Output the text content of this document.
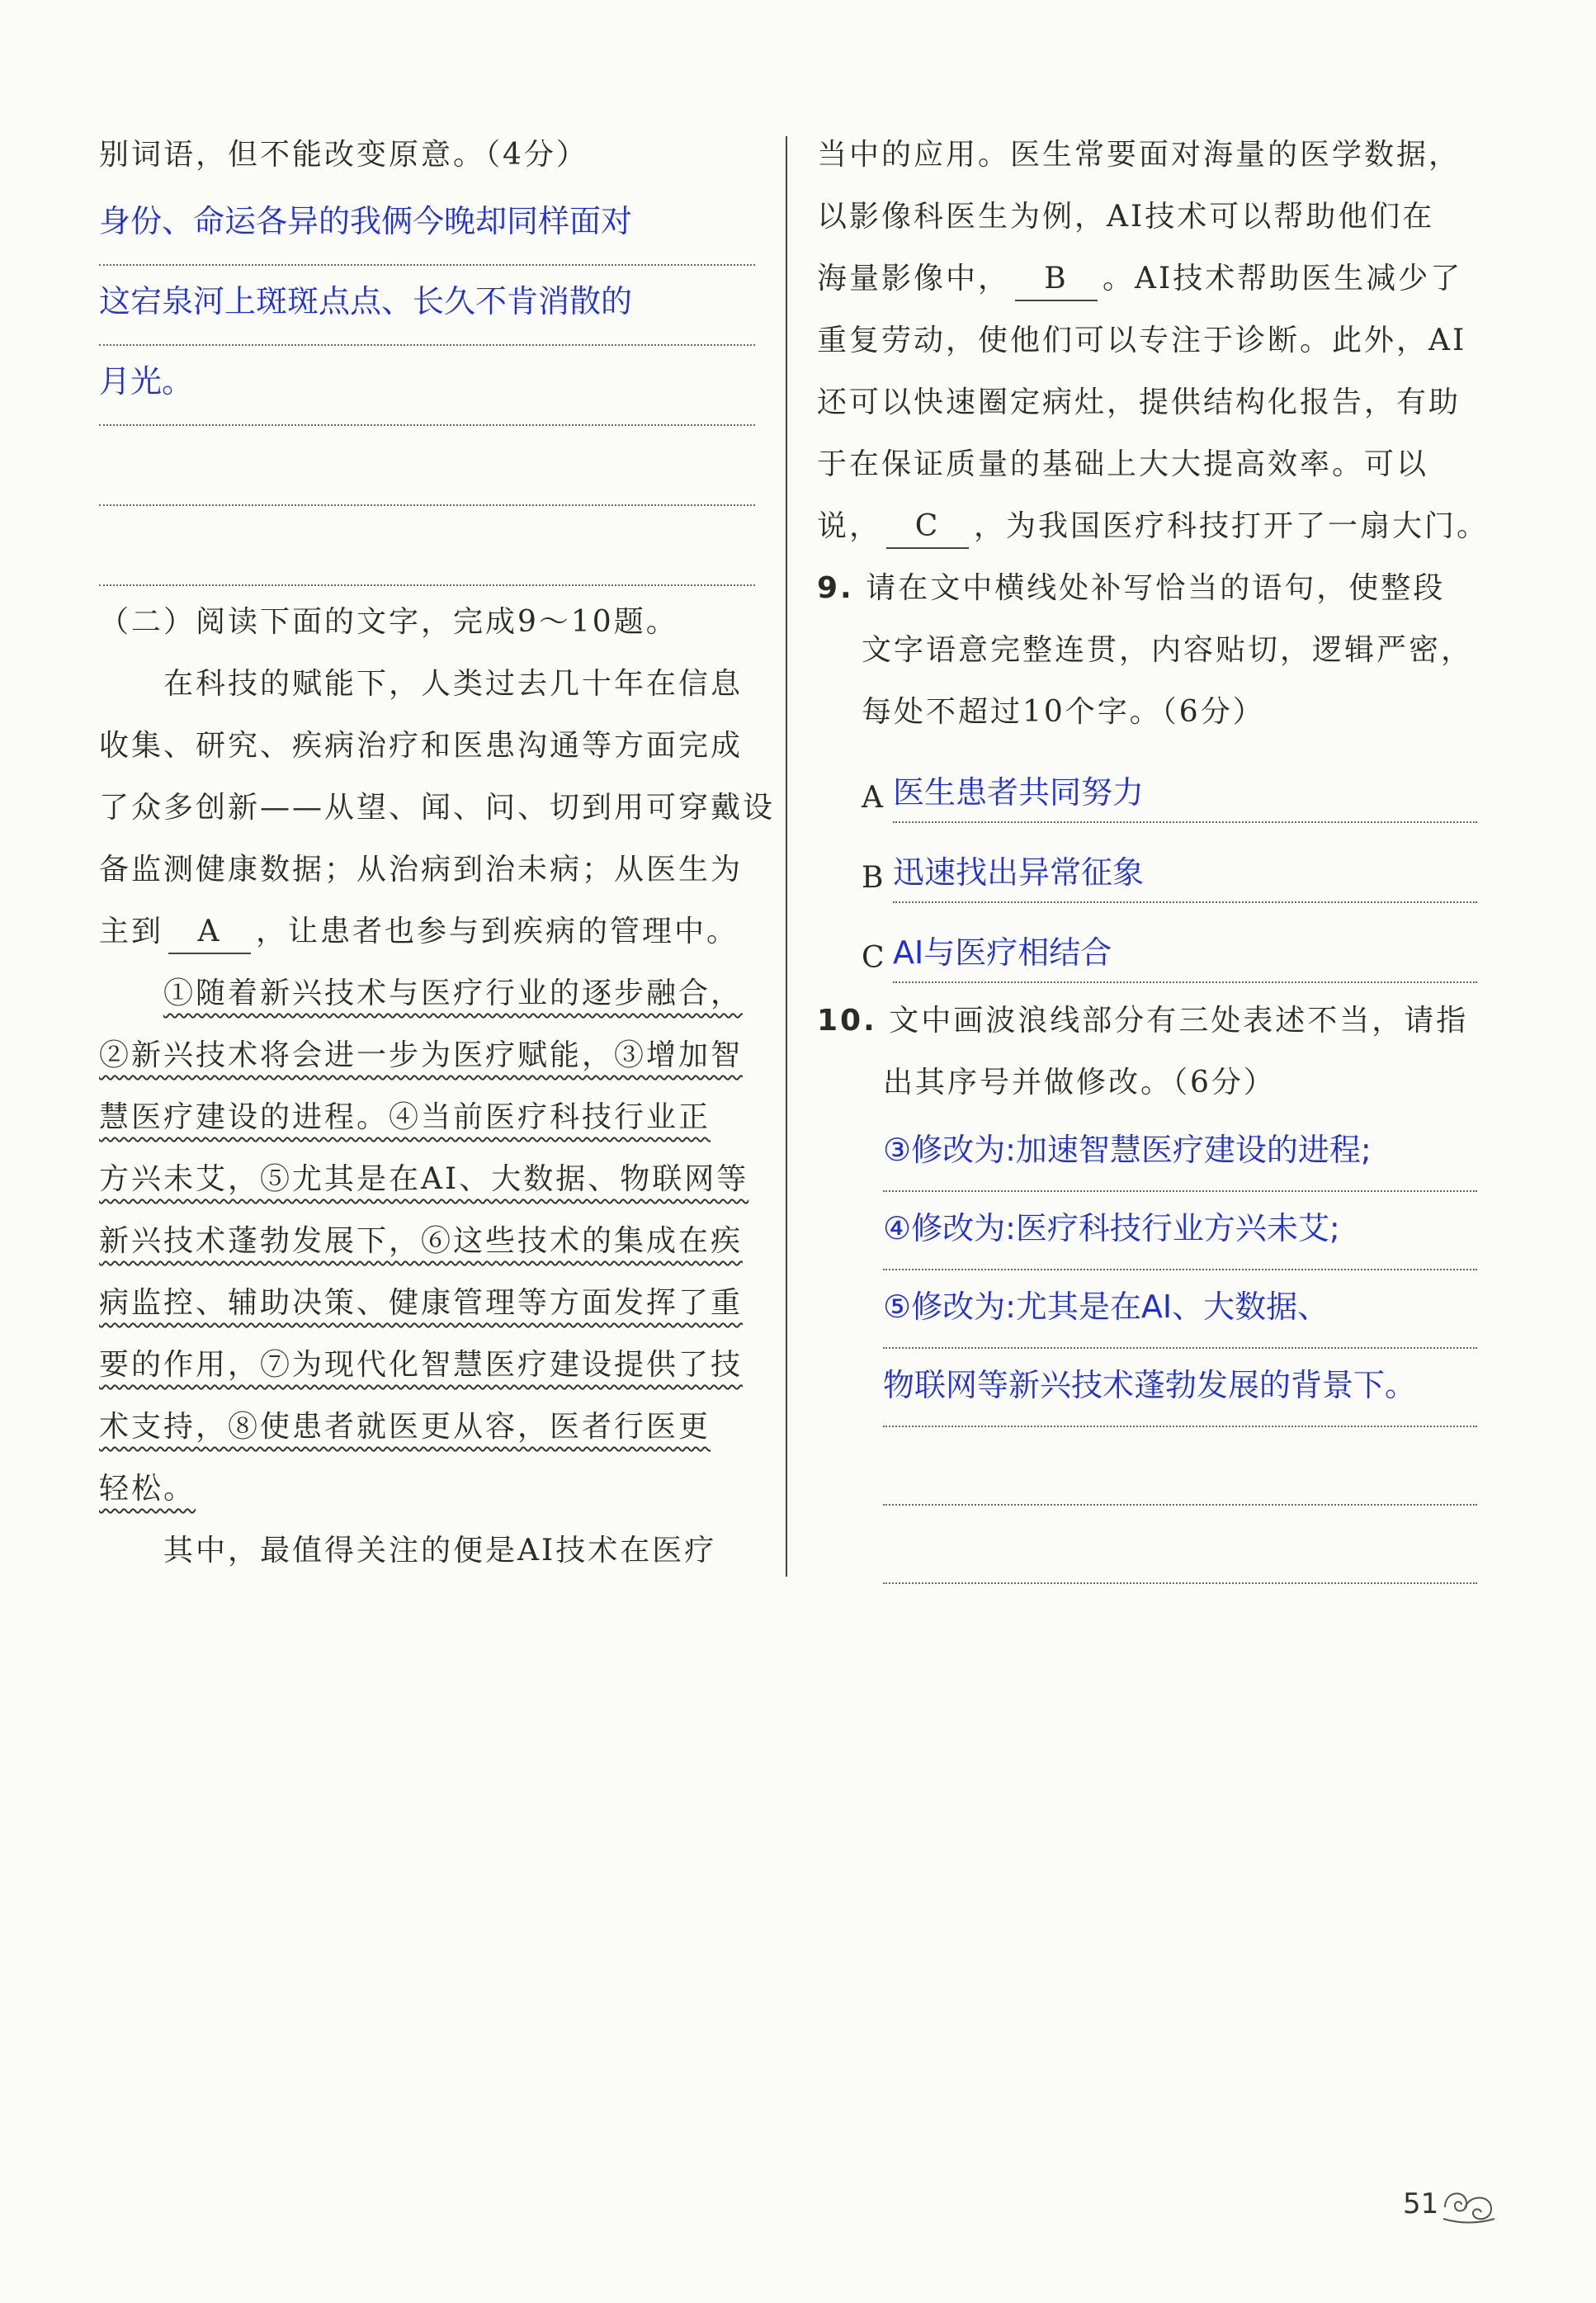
别词语，但不能改变原意。（4分）
身份、命运各异的我俩今晚却同样面对
这宕泉河上斑斑点点、长久不肯消散的
月光。
（二）阅读下面的文字，完成9～10题。
在科技的赋能下，人类过去几十年在信息
收集、研究、疾病治疗和医患沟通等方面完成
了众多创新——从望、闻、问、切到用可穿戴设
备监测健康数据；从治病到治未病；从医生为
主到 A ，让患者也参与到疾病的管理中。
①随着新兴技术与医疗行业的逐步融合，
②新兴技术将会进一步为医疗赋能，③增加智
慧医疗建设的进程。④当前医疗科技行业正
方兴未艾，⑤尤其是在AI、大数据、物联网等
新兴技术蓬勃发展下，⑥这些技术的集成在疾
病监控、辅助决策、健康管理等方面发挥了重
要的作用，⑦为现代化智慧医疗建设提供了技
术支持，⑧使患者就医更从容，医者行医更
轻松。
其中，最值得关注的便是AI技术在医疗
当中的应用。医生常要面对海量的医学数据，
以影像科医生为例，AI技术可以帮助他们在
海量影像中， B 。AI技术帮助医生减少了
重复劳动，使他们可以专注于诊断。此外，AI
还可以快速圈定病灶，提供结构化报告，有助
于在保证质量的基础上大大提高效率。可以
说， C ，为我国医疗科技打开了一扇大门。
9. 请在文中横线处补写恰当的语句，使整段
文字语意完整连贯，内容贴切，逻辑严密，
每处不超过10个字。（6分）
A 医生患者共同努力
B 迅速找出异常征象
C AI与医疗相结合
10. 文中画波浪线部分有三处表述不当，请指
出其序号并做修改。（6分）
③修改为:加速智慧医疗建设的进程;
④修改为:医疗科技行业方兴未艾;
⑤修改为:尤其是在AI、大数据、
物联网等新兴技术蓬勃发展的背景下。
51
